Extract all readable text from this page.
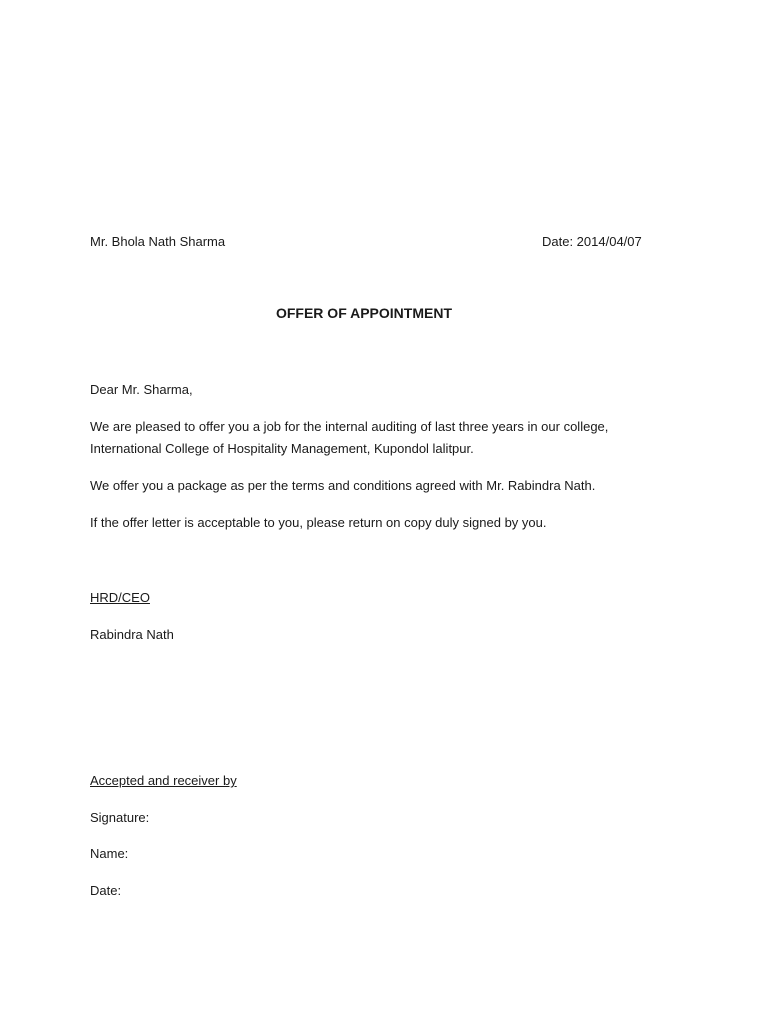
Mr. Bhola Nath Sharma	Date: 2014/04/07
OFFER OF APPOINTMENT
Dear Mr. Sharma,
We are pleased to offer you a job for the internal auditing of last three years in our college,
International College of Hospitality Management, Kupondol lalitpur.
We offer you a package as per the terms and conditions agreed with Mr. Rabindra Nath.
If the offer letter is acceptable to you, please return on copy duly signed by you.
HRD/CEO
Rabindra Nath
Accepted and receiver by
Signature:
Name:
Date:
